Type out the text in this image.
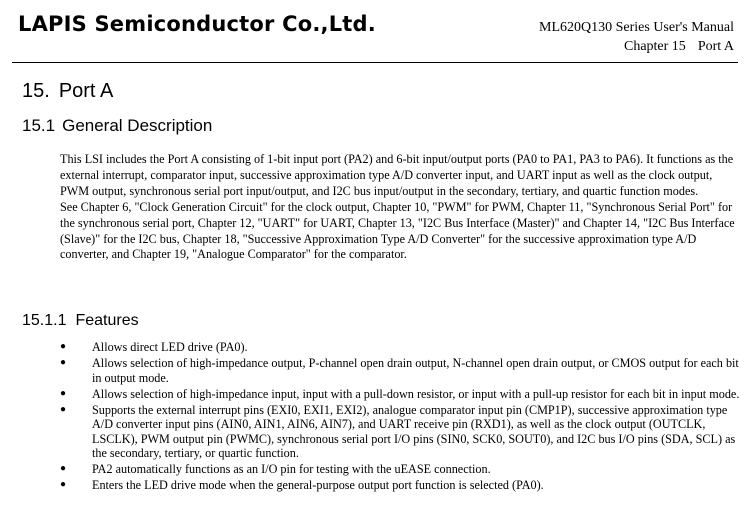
LAPIS Semiconductor Co.,Ltd.	ML620Q130 Series User's Manual
Chapter 15 Port A
15. Port A
15.1 General Description

This LSI includes the Port A consisting of 1-bit input port (PA2) and 6-bit input/output ports (PA0 to PA1, PA3 to PA6). It functions as the external interrupt, comparator input, successive approximation type A/D converter input, and UART input as well as the clock output, PWM output, synchronous serial port input/output, and I2C bus input/output in the secondary, tertiary, and quartic function modes.

See Chapter 6, "Clock Generation Circuit" for the clock output, Chapter 10, "PWM" for PWM, Chapter 11, "Synchronous Serial Port" for the synchronous serial port, Chapter 12, "UART" for UART, Chapter 13, "I2C Bus Interface (Master)" and Chapter 14, "I2C Bus Interface (Slave)" for the I2C bus, Chapter 18, "Successive Approximation Type A/D Converter" for the successive approximation type A/D converter, and Chapter 19, "Analogue Comparator" for the comparator.

15.1.1 Features
● Allows direct LED drive (PA0).
● Allows selection of high-impedance output, P-channel open drain output, N-channel open drain output, or CMOS output for each bit in output mode.
● Allows selection of high-impedance input, input with a pull-down resistor, or input with a pull-up resistor for each bit in input mode.
● Supports the external interrupt pins (EXI0, EXI1, EXI2), analogue comparator input pin (CMP1P), successive approximation type A/D converter input pins (AIN0, AIN1, AIN6, AIN7), and UART receive pin (RXD1), as well as the clock output (OUTCLK, LSCLK), PWM output pin (PWMC), synchronous serial port I/O pins (SIN0, SCK0, SOUT0), and I2C bus I/O pins (SDA, SCL) as the secondary, tertiary, or quartic function.
● PA2 automatically functions as an I/O pin for testing with the uEASE connection.
● Enters the LED drive mode when the general-purpose output port function is selected (PA0).
